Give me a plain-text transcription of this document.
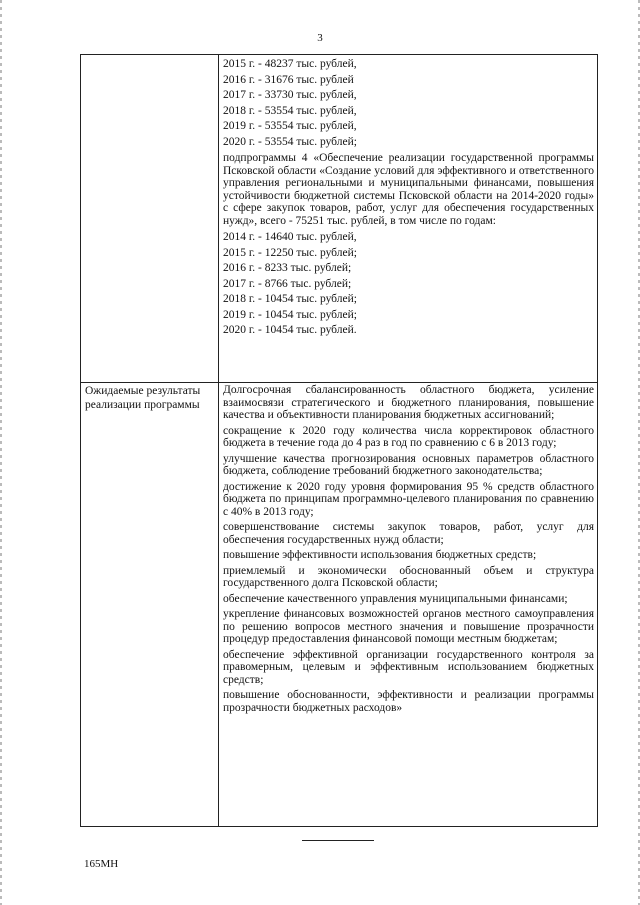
3
2015 г. - 48237 тыс. рублей,
2016 г. - 31676 тыс. рублей
2017 г. - 33730 тыс. рублей,
2018 г. - 53554 тыс. рублей,
2019 г. - 53554 тыс. рублей,
2020 г. - 53554 тыс. рублей;
подпрограммы 4 «Обеспечение реализации государственной программы Псковской области «Создание условий для эффективного и ответственного управления региональными и муниципальными финансами, повышения устойчивости бюджетной системы Псковской области на 2014-2020 годы» с сфере закупок товаров, работ, услуг для обеспечения государственных нужд», всего - 75251 тыс. рублей, в том числе по годам:
2014 г. - 14640 тыс. рублей,
2015 г. - 12250 тыс. рублей;
2016 г. - 8233 тыс. рублей;
2017 г. - 8766 тыс. рублей;
2018 г. - 10454 тыс. рублей;
2019 г. - 10454 тыс. рублей;
2020 г. - 10454 тыс. рублей.
Ожидаемые результаты реализации программы
Долгосрочная сбалансированность областного бюджета, усиление взаимосвязи стратегического и бюджетного планирования, повышение качества и объективности планирования бюджетных ассигнований;
сокращение к 2020 году количества числа корректировок областного бюджета в течение года до 4 раз в год по сравнению с 6 в 2013 году;
улучшение качества прогнозирования основных параметров областного бюджета, соблюдение требований бюджетного законодательства;
достижение к 2020 году уровня формирования 95 % средств областного бюджета по принципам программно-целевого планирования по сравнению с 40% в 2013 году;
совершенствование системы закупок товаров, работ, услуг для обеспечения государственных нужд области;
повышение эффективности использования бюджетных средств;
приемлемый и экономически обоснованный объем и структура государственного долга Псковской области;
обеспечение качественного управления муниципальными финансами;
укрепление финансовых возможностей органов местного самоуправления по решению вопросов местного значения и повышение прозрачности процедур предоставления финансовой помощи местным бюджетам;
обеспечение эффективной организации государственного контроля за правомерным, целевым и эффективным использованием бюджетных средств;
повышение обоснованности, эффективности и реализации программы прозрачности бюджетных расходов»
165МН
